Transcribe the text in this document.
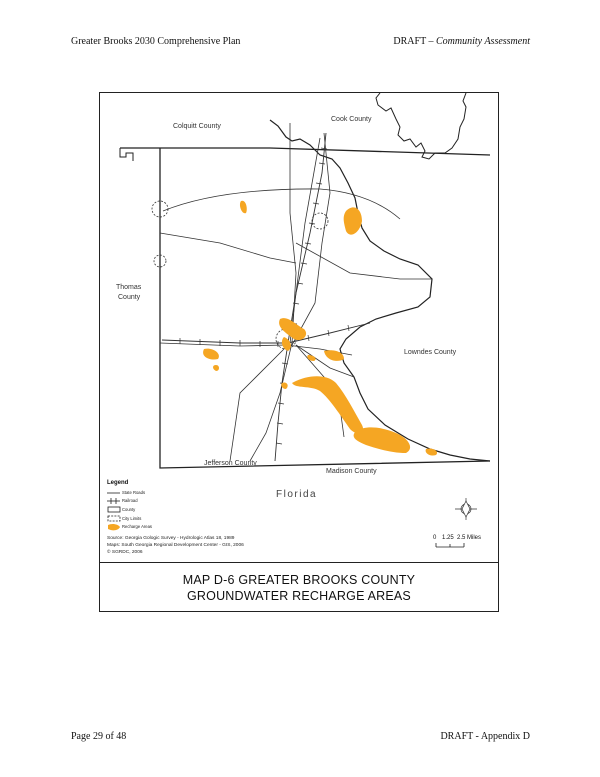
Greater Brooks 2030 Comprehensive Plan	DRAFT – Community Assessment
Colquitt County
Cook County
Thomas
County
Lowndes County
Jefferson County
Madison County
Florida
Legend
State Roads
Railroad
County
City Limits
Recharge Areas
Source: Georgia Gologic Survey - Hydrologic Atlas 18, 1989
Maps: South Georgia Regional Development Center - GIS, 2006
© SGRDC, 2006
0 1.25 2.5 Miles
MAP D-6 GREATER BROOKS COUNTY
GROUNDWATER RECHARGE AREAS
Page 29 of 48	DRAFT - Appendix D
